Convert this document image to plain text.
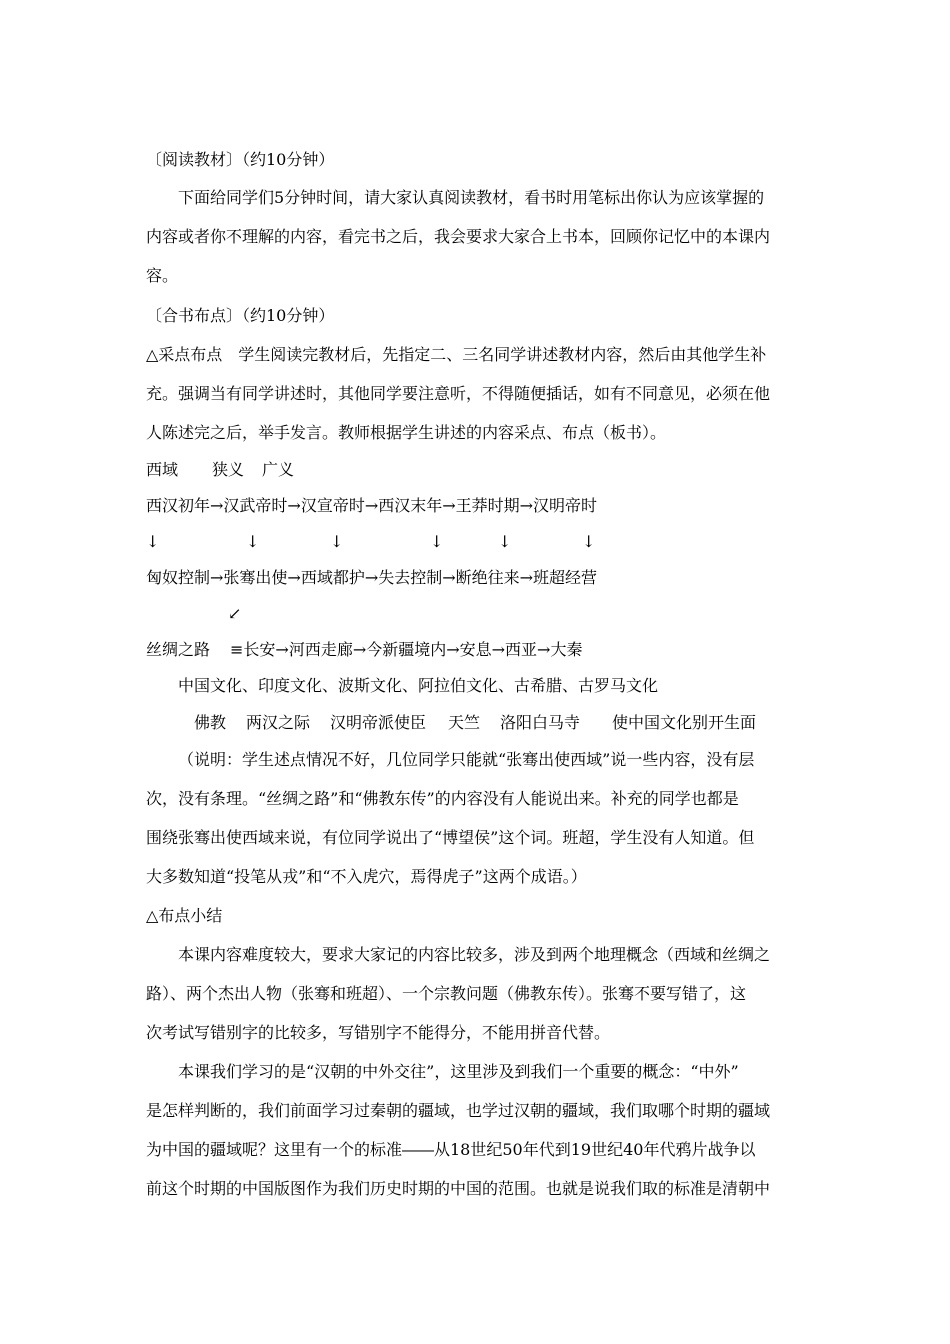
〔阅读教材〕（约10分钟）
下面给同学们5分钟时间，请大家认真阅读教材，看书时用笔标出你认为应该掌握的
内容或者你不理解的内容，看完书之后，我会要求大家合上书本，回顾你记忆中的本课内
容。
〔合书布点〕（约10分钟）
△采点布点　学生阅读完教材后，先指定二、三名同学讲述教材内容，然后由其他学生补
充。强调当有同学讲述时，其他同学要注意听，不得随便插话，如有不同意见，必须在他
人陈述完之后，举手发言。教师根据学生讲述的内容采点、布点（板书）。
西域 狭义 广义
西汉初年→汉武帝时→汉宣帝时→西汉末年→王莽时期→汉明帝时
↓	↓	↓	↓	↓	↓
匈奴控制→张骞出使→西域都护→失去控制→断绝往来→班超经营
↙
丝绸之路 ≡长安→河西走廊→今新疆境内→安息→西亚→大秦
中国文化、印度文化、波斯文化、阿拉伯文化、古希腊、古罗马文化
佛教 两汉之际 汉明帝派使臣 天竺 洛阳白马寺 使中国文化别开生面
（说明：学生述点情况不好，几位同学只能就“张骞出使西域”说一些内容，没有层
次，没有条理。“丝绸之路”和“佛教东传”的内容没有人能说出来。补充的同学也都是
围绕张骞出使西域来说，有位同学说出了“博望侯”这个词。班超，学生没有人知道。但
大多数知道“投笔从戎”和“不入虎穴，焉得虎子”这两个成语。）
△布点小结
本课内容难度较大，要求大家记的内容比较多，涉及到两个地理概念（西域和丝绸之
路）、两个杰出人物（张骞和班超）、一个宗教问题（佛教东传）。张骞不要写错了，这
次考试写错别字的比较多，写错别字不能得分，不能用拼音代替。
本课我们学习的是“汉朝的中外交往”，这里涉及到我们一个重要的概念：“中外”
是怎样判断的，我们前面学习过秦朝的疆域，也学过汉朝的疆域，我们取哪个时期的疆域
为中国的疆域呢？这里有一个的标准――从18世纪50年代到19世纪40年代鸦片战争以
前这个时期的中国版图作为我们历史时期的中国的范围。也就是说我们取的标准是清朝中
